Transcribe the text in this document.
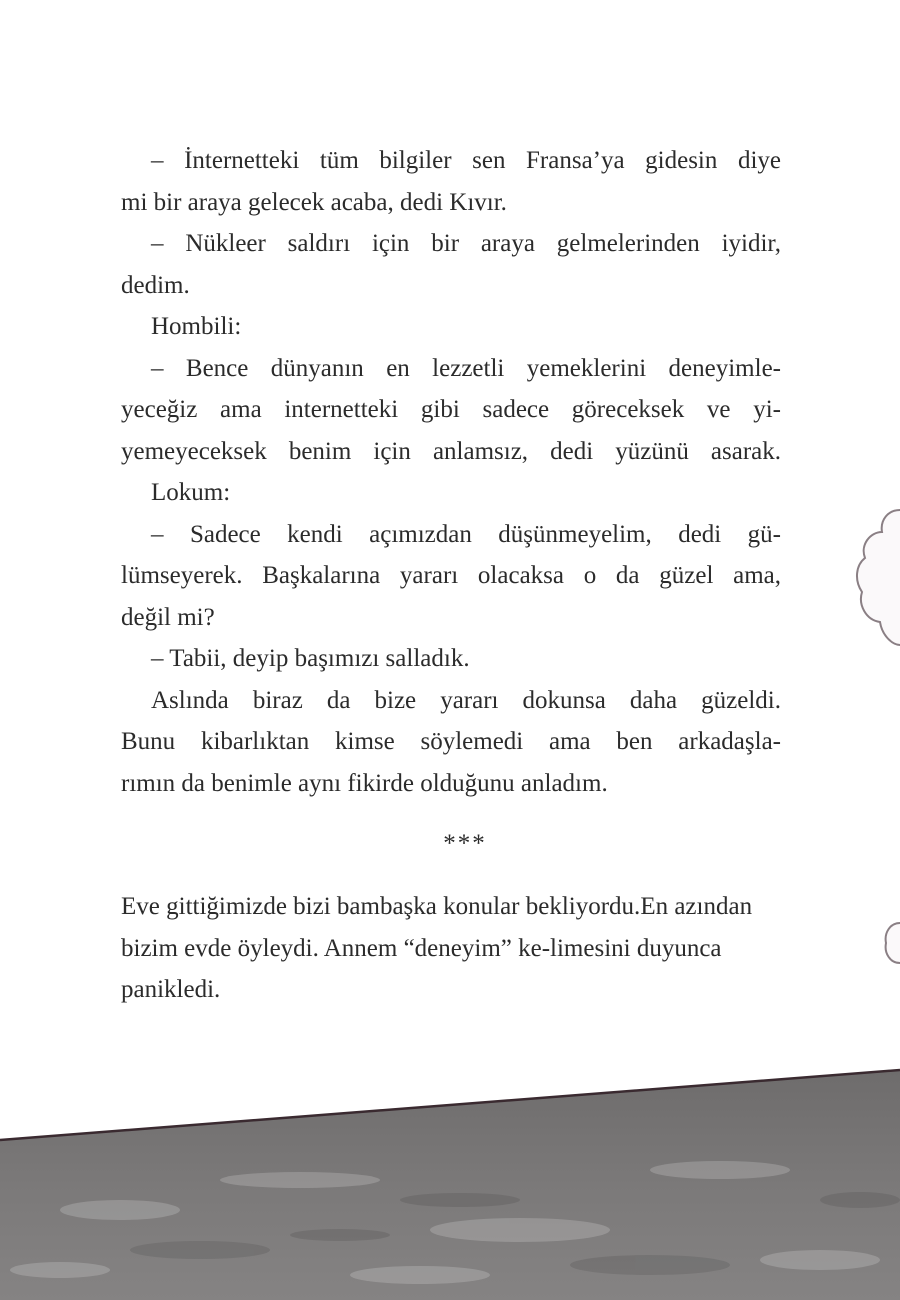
– İnternetteki tüm bilgiler sen Fransa’ya gidesin diye
mi bir araya gelecek acaba, dedi Kıvır.
– Nükleer saldırı için bir araya gelmelerinden iyidir,
dedim.
Hombili:
– Bence dünyanın en lezzetli yemeklerini deneyimle-
yeceğiz ama internetteki gibi sadece göreceksek ve yi-
yemeyeceksek benim için anlamsız, dedi yüzünü asarak.
Lokum:
– Sadece kendi açımızdan düşünmeyelim, dedi gü-
lümseyerek. Başkalarına yararı olacaksa o da güzel ama,
değil mi?
– Tabii, deyip başımızı salladık.
Aslında biraz da bize yararı dokunsa daha güzeldi.
Bunu kibarlıktan kimse söylemedi ama ben arkadaşla-
rımın da benimle aynı fikirde olduğunu anladım.
***
Eve gittiğimizde bizi bambaşka konular bekliyordu.En azından bizim evde öyleydi. Annem “deneyim” ke-limesini duyunca panikledi.
